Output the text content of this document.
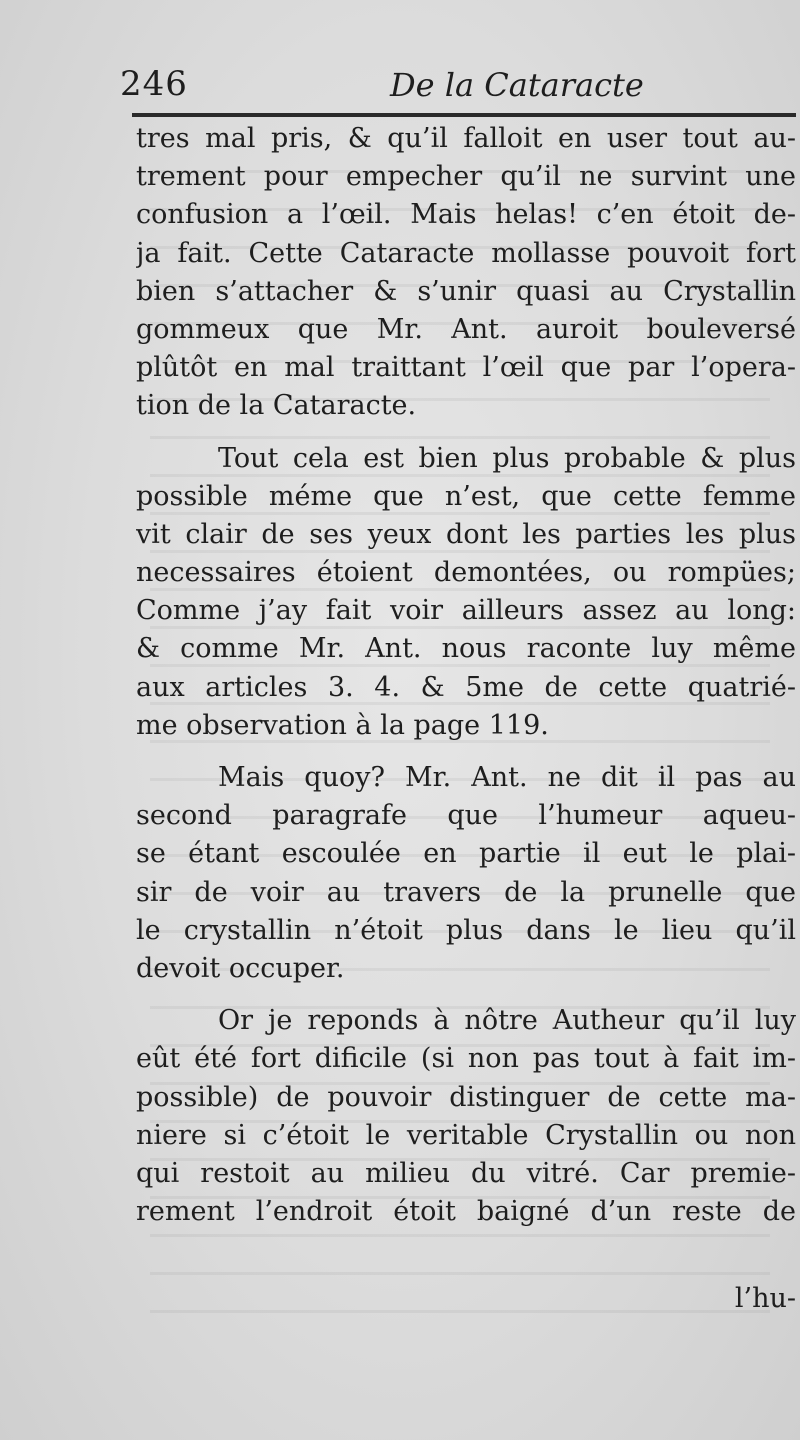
246	De la Cataracte
tres mal pris, & qu’il falloit en user tout au-
trement pour empecher qu’il ne survint une
confusion a l’œil. Mais helas! c’en étoit de-
ja fait. Cette Cataracte mollasse pouvoit fort
bien s’attacher & s’unir quasi au Crystallin
gommeux que Mr. Ant. auroit bouleversé
plûtôt en mal traittant l’œil que par l’opera-
tion de la Cataracte.
Tout cela est bien plus probable & plus
possible méme que n’est, que cette femme
vit clair de ses yeux dont les parties les plus
necessaires étoient demontées, ou rompües;
Comme j’ay fait voir ailleurs assez au long:
& comme Mr. Ant. nous raconte luy même
aux articles 3. 4. & 5me de cette quatrié-
me observation à la page 119.
Mais quoy? Mr. Ant. ne dit il pas au
second paragrafe que l’humeur aqueu-
se étant escoulée en partie il eut le plai-
sir de voir au travers de la prunelle que
le crystallin n’étoit plus dans le lieu qu’il
devoit occuper.
Or je reponds à nôtre Autheur qu’il luy
eût été fort dificile (si non pas tout à fait im-
possible) de pouvoir distinguer de cette ma-
niere si c’étoit le veritable Crystallin ou non
qui restoit au milieu du vitré. Car premie-
rement l’endroit étoit baigné d’un reste de
l’hu-
